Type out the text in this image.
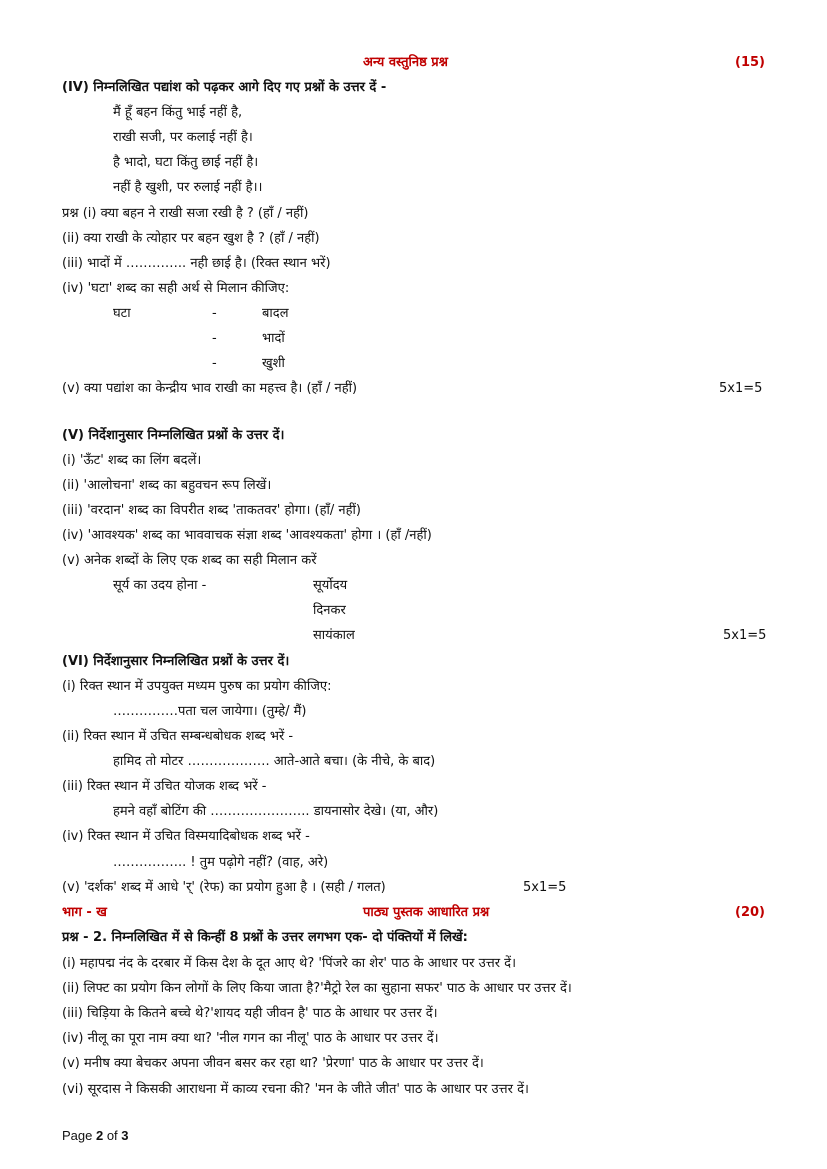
अन्य वस्तुनिष्ठ प्रश्न	(15)
(IV) निम्नलिखित पद्यांश को पढ़कर आगे दिए गए प्रश्नों के उत्तर दें -
मैं हूँ बहन किंतु भाई नहीं है,
राखी सजी, पर कलाई नहीं है।
है भादो, घटा किंतु छाई नहीं है।
नहीं है खुशी, पर रुलाई नहीं है।।
प्रश्न (i) क्या बहन ने राखी सजा रखी है ? (हाँ / नहीं)
(ii) क्या राखी के त्योहार पर बहन खुश है ? (हाँ / नहीं)
(iii) भादों में ………….. नही छाई है। (रिक्त स्थान भरें)
(iv) 'घटा' शब्द का सही अर्थ से मिलान कीजिए:
घटा	-	बादल
-	भादों
-	खुशी
(v) क्या पद्यांश का केन्द्रीय भाव राखी का महत्त्व है। (हाँ / नहीं)	5x1=5
(V) निर्देशानुसार निम्नलिखित प्रश्नों के उत्तर दें।
(i) 'ऊँट' शब्द का लिंग बदलें।
(ii) 'आलोचना' शब्द का बहुवचन रूप लिखें।
(iii) 'वरदान' शब्द का विपरीत शब्द 'ताकतवर' होगा। (हाँ/ नहीं)
(iv) 'आवश्यक' शब्द का भाववाचक संज्ञा शब्द 'आवश्यकता' होगा । (हाँ /नहीं)
(v) अनेक शब्दों के लिए एक शब्द का सही मिलान करें
सूर्य का उदय होना -	सूर्योदय
दिनकर
सायंकाल	5x1=5
(VI) निर्देशानुसार निम्नलिखित प्रश्नों के उत्तर दें।
(i) रिक्त स्थान में उपयुक्त मध्यम पुरुष का प्रयोग कीजिए:
……………पता चल जायेगा। (तुम्हे/ मैं)
(ii) रिक्त स्थान में उचित सम्बन्धबोधक शब्द भरें -
हामिद तो मोटर ………………. आते-आते बचा। (के नीचे, के बाद)
(iii) रिक्त स्थान में उचित योजक शब्द भरें -
हमने वहाँ बोटिंग की ………………….. डायनासोर देखे। (या, और)
(iv) रिक्त स्थान में उचित विस्मयादिबोधक शब्द भरें -
…………….. ! तुम पढ़ोगे नहीं? (वाह, अरे)
(v) 'दर्शक' शब्द में आधे 'र्' (रेफ) का प्रयोग हुआ है । (सही / गलत)	5x1=5
भाग - ख	पाठ्य पुस्तक आधारित प्रश्न	(20)
प्रश्न - 2. निम्नलिखित में से किन्हीं 8 प्रश्नों के उत्तर लगभग एक- दो पंक्तियों में लिखें:
(i) महापद्म नंद के दरबार में किस देश के दूत आए थे? 'पिंजरे का शेर' पाठ के आधार पर उत्तर दें।
(ii) लिफ्ट का प्रयोग किन लोगों के लिए किया जाता है?'मैट्रो रेल का सुहाना सफर' पाठ के आधार पर उत्तर दें।
(iii) चिड़िया के कितने बच्चे थे?'शायद यही जीवन है' पाठ के आधार पर उत्तर दें।
(iv) नीलू का पूरा नाम क्या था? 'नील गगन का नीलू' पाठ के आधार पर उत्तर दें।
(v) मनीष क्या बेचकर अपना जीवन बसर कर रहा था? 'प्रेरणा' पाठ के आधार पर उत्तर दें।
(vi) सूरदास ने किसकी आराधना में काव्य रचना की? 'मन के जीते जीत' पाठ के आधार पर उत्तर दें।
Page 2 of 3
